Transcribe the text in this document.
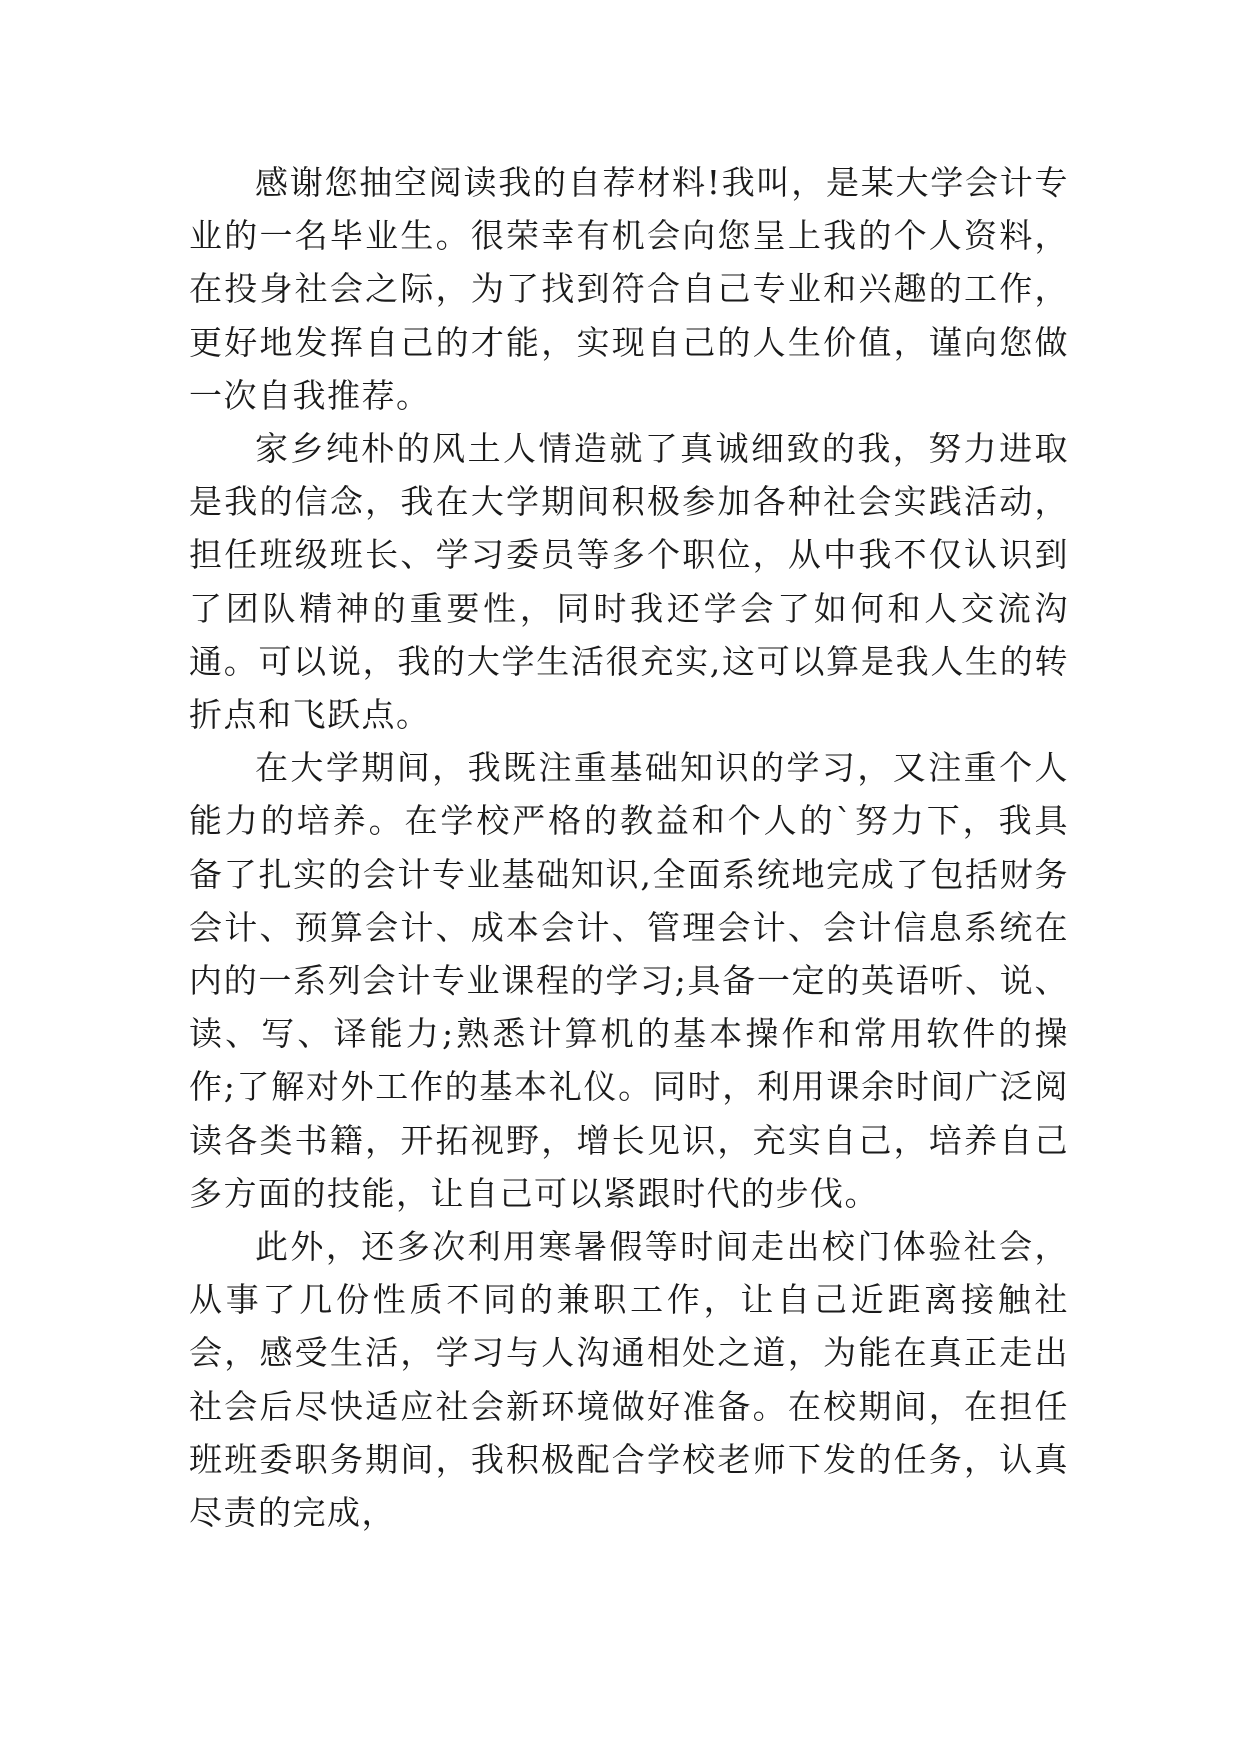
感谢您抽空阅读我的自荐材料!我叫，是某大学会计专业的一名毕业生。很荣幸有机会向您呈上我的个人资料，在投身社会之际，为了找到符合自己专业和兴趣的工作，更好地发挥自己的才能，实现自己的人生价值，谨向您做一次自我推荐。

家乡纯朴的风土人情造就了真诚细致的我，努力进取是我的信念，我在大学期间积极参加各种社会实践活动，担任班级班长、学习委员等多个职位，从中我不仅认识到了团队精神的重要性，同时我还学会了如何和人交流沟通。可以说，我的大学生活很充实,这可以算是我人生的转折点和飞跃点。

在大学期间，我既注重基础知识的学习，又注重个人能力的培养。在学校严格的教益和个人的`努力下，我具备了扎实的会计专业基础知识,全面系统地完成了包括财务会计、预算会计、成本会计、管理会计、会计信息系统在内的一系列会计专业课程的学习;具备一定的英语听、说、读、写、译能力;熟悉计算机的基本操作和常用软件的操作;了解对外工作的基本礼仪。同时，利用课余时间广泛阅读各类书籍，开拓视野，增长见识，充实自己，培养自己多方面的技能，让自己可以紧跟时代的步伐。

此外，还多次利用寒暑假等时间走出校门体验社会，从事了几份性质不同的兼职工作，让自己近距离接触社会，感受生活，学习与人沟通相处之道，为能在真正走出社会后尽快适应社会新环境做好准备。在校期间，在担任班班委职务期间，我积极配合学校老师下发的任务，认真尽责的完成，
